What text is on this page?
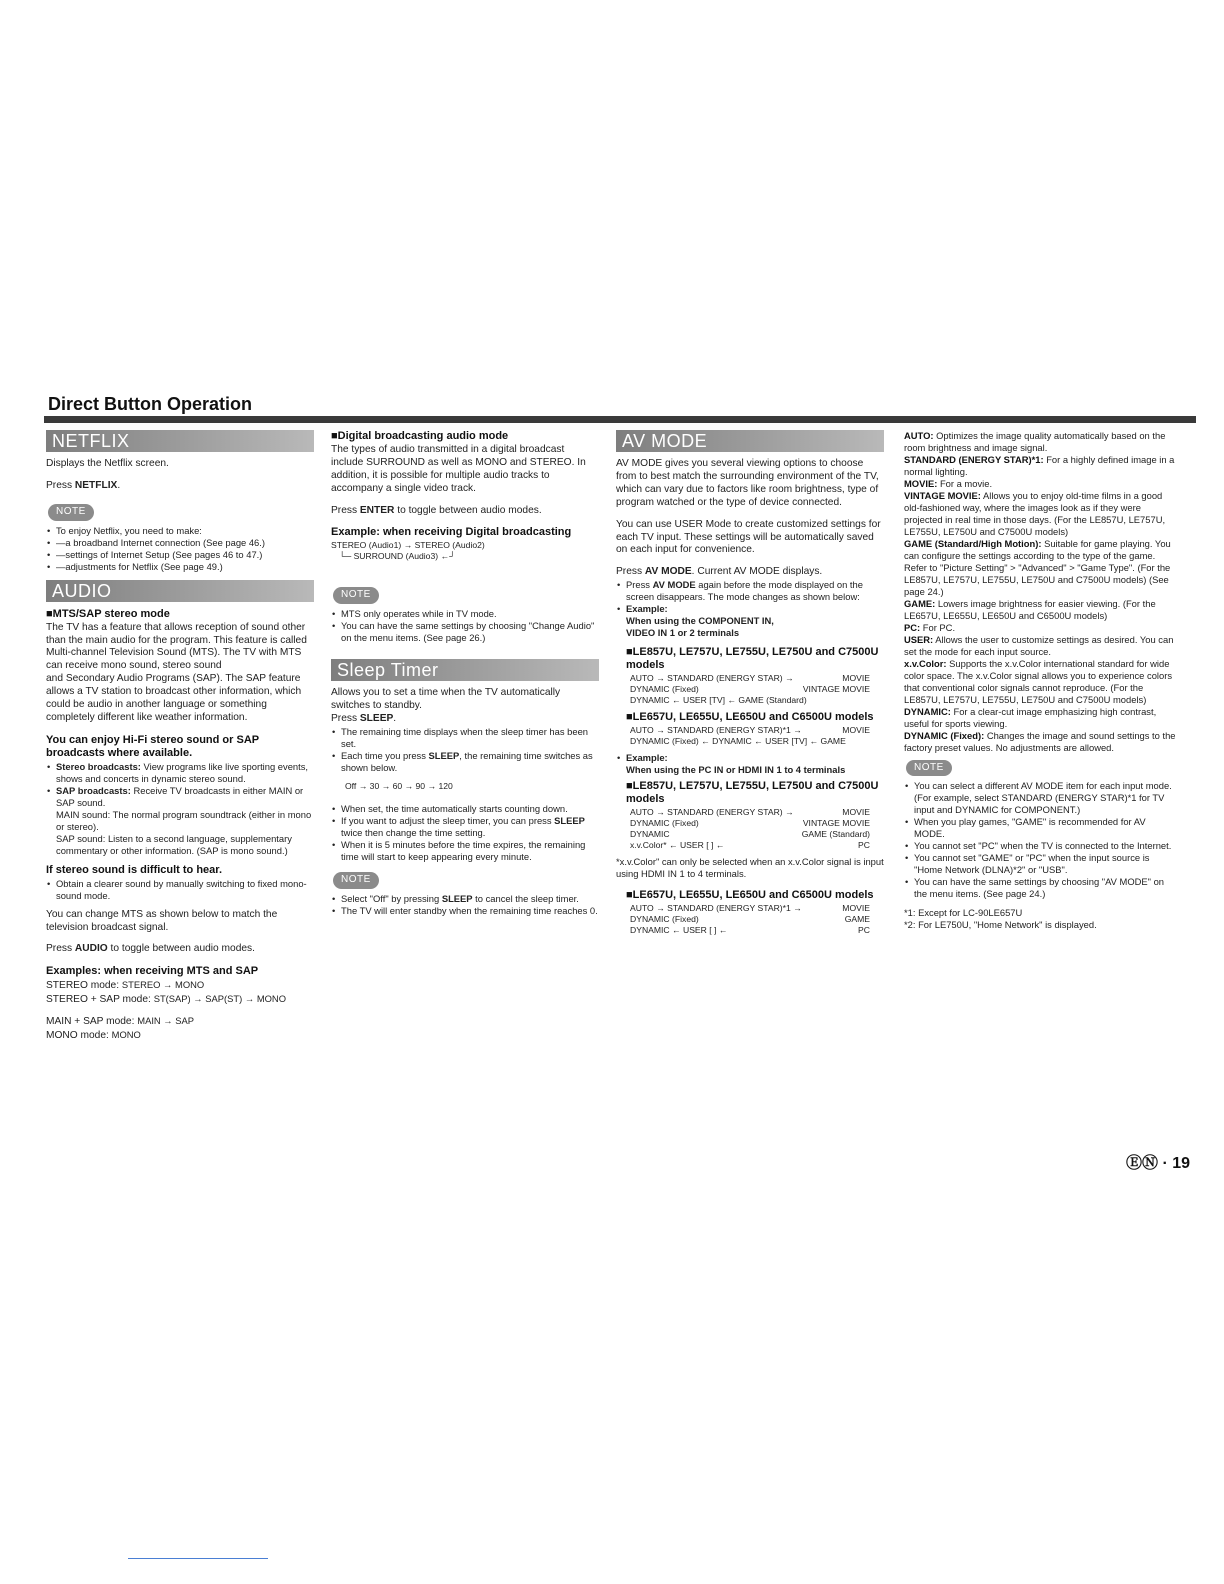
Direct Button Operation
NETFLIX

Displays the Netflix screen.

Press NETFLIX.

NOTE
• To enjoy Netflix, you need to make:
• —a broadband Internet connection (See page 46.)
• —settings of Internet Setup (See pages 46 to 47.)
• —adjustments for Netflix (See page 49.)
AUDIO
■ MTS/SAP stereo mode

The TV has a feature that allows reception of sound other than the main audio for the program. This feature is called Multi-channel Television Sound (MTS). The TV with MTS can receive mono sound, stereo sound

and Secondary Audio Programs (SAP). The SAP feature allows a TV station to broadcast other information, which could be audio in another language or something completely different like weather information.

You can enjoy Hi-Fi stereo sound or SAP broadcasts where available.
• Stereo broadcasts: View programs like live sporting events, shows and concerts in dynamic stereo sound.
• SAP broadcasts: Receive TV broadcasts in either MAIN or SAP sound.
MAIN sound: The normal program soundtrack (either in mono or stereo).
SAP sound: Listen to a second language, supplementary commentary or other information. (SAP is mono sound.)
If stereo sound is difficult to hear.
• Obtain a clearer sound by manually switching to fixed mono-sound mode.

You can change MTS as shown below to match the television broadcast signal.

Press AUDIO to toggle between audio modes.

Examples: when receiving MTS and SAP
STEREO mode: STEREO → MONO
STEREO + SAP mode: ST(SAP) → SAP(ST) → MONO
MAIN + SAP mode: MAIN → SAP
MONO mode: MONO
■ Digital broadcasting audio mode

The types of audio transmitted in a digital broadcast include SURROUND as well as MONO and STEREO. In addition, it is possible for multiple audio tracks to accompany a single video track.

Press ENTER to toggle between audio modes.

Example: when receiving Digital broadcasting
STEREO (Audio1) → STEREO (Audio2)
└─ SURROUND (Audio3) ←┘
NOTE
• MTS only operates while in TV mode.
• You can have the same settings by choosing "Change Audio" on the menu items. (See page 26.)
Sleep Timer

Allows you to set a time when the TV automatically switches to standby.

Press SLEEP.
• The remaining time displays when the sleep timer has been set.
• Each time you press SLEEP, the remaining time switches as shown below.
Off → 30 → 60 → 90 → 120
• When set, the time automatically starts counting down.
• If you want to adjust the sleep timer, you can press SLEEP twice then change the time setting.
• When it is 5 minutes before the time expires, the remaining time will start to keep appearing every minute.
NOTE
• Select "Off" by pressing SLEEP to cancel the sleep timer.
• The TV will enter standby when the remaining time reaches 0.
AV MODE

AV MODE gives you several viewing options to choose from to best match the surrounding environment of the TV, which can vary due to factors like room brightness, type of program watched or the type of device connected.

You can use USER Mode to create customized settings for each TV input. These settings will be automatically saved on each input for convenience.

Press AV MODE. Current AV MODE displays.
• Press AV MODE again before the mode displayed on the screen disappears. The mode changes as shown below:
• Example:
When using the COMPONENT IN,
VIDEO IN 1 or 2 terminals
■ LE857U, LE757U, LE755U, LE750U and C7500U models
AUTO → STANDARD (ENERGY STAR) →	MOVIE
DYNAMIC (Fixed)	VINTAGE MOVIE
DYNAMIC ← USER [TV] ← GAME (Standard)
■ LE657U, LE655U, LE650U and C6500U models
AUTO → STANDARD (ENERGY STAR)*1 →	MOVIE
DYNAMIC (Fixed) ← DYNAMIC ← USER [TV] ← GAME
• Example:
When using the PC IN or HDMI IN 1 to 4 terminals
■ LE857U, LE757U, LE755U, LE750U and C7500U models
AUTO → STANDARD (ENERGY STAR) →	MOVIE
DYNAMIC (Fixed)	VINTAGE MOVIE
DYNAMIC	GAME (Standard)
x.v.Color* ← USER [ ] ←	PC

*x.v.Color" can only be selected when an x.v.Color signal is input using HDMI IN 1 to 4 terminals.

■ LE657U, LE655U, LE650U and C6500U models
AUTO → STANDARD (ENERGY STAR)*1 →	MOVIE
DYNAMIC (Fixed)	GAME
DYNAMIC ← USER [ ] ←	PC

AUTO: Optimizes the image quality automatically based on the room brightness and image signal.

STANDARD (ENERGY STAR)*1: For a highly defined image in a normal lighting.

MOVIE: For a movie.

VINTAGE MOVIE: Allows you to enjoy old-time films in a good old-fashioned way, where the images look as if they were projected in real time in those days. (For the LE857U, LE757U, LE755U, LE750U and C7500U models)

GAME (Standard/High Motion): Suitable for game playing. You can configure the settings according to the type of the game. Refer to "Picture Setting" > "Advanced" > "Game Type". (For the LE857U, LE757U, LE755U, LE750U and C7500U models) (See page 24.)

GAME: Lowers image brightness for easier viewing. (For the LE657U, LE655U, LE650U and C6500U models)

PC: For PC.

USER: Allows the user to customize settings as desired. You can set the mode for each input source.

x.v.Color: Supports the x.v.Color international standard for wide color space. The x.v.Color signal allows you to experience colors that conventional color signals cannot reproduce. (For the LE857U, LE757U, LE755U, LE750U and C7500U models)

DYNAMIC: For a clear-cut image emphasizing high contrast, useful for sports viewing.

DYNAMIC (Fixed): Changes the image and sound settings to the factory preset values. No adjustments are allowed.

NOTE
• You can select a different AV MODE item for each input mode. (For example, select STANDARD (ENERGY STAR)*1 for TV input and DYNAMIC for COMPONENT.)
• When you play games, "GAME" is recommended for AV MODE.
• You cannot set "PC" when the TV is connected to the Internet.
• You cannot set "GAME" or "PC" when the input source is "Home Network (DLNA)*2" or "USB".
• You can have the same settings by choosing "AV MODE" on the menu items. (See page 24.)
*1: Except for LC-90LE657U
*2: For LE750U, "Home Network" is displayed.
ⒺⓃ · 19
